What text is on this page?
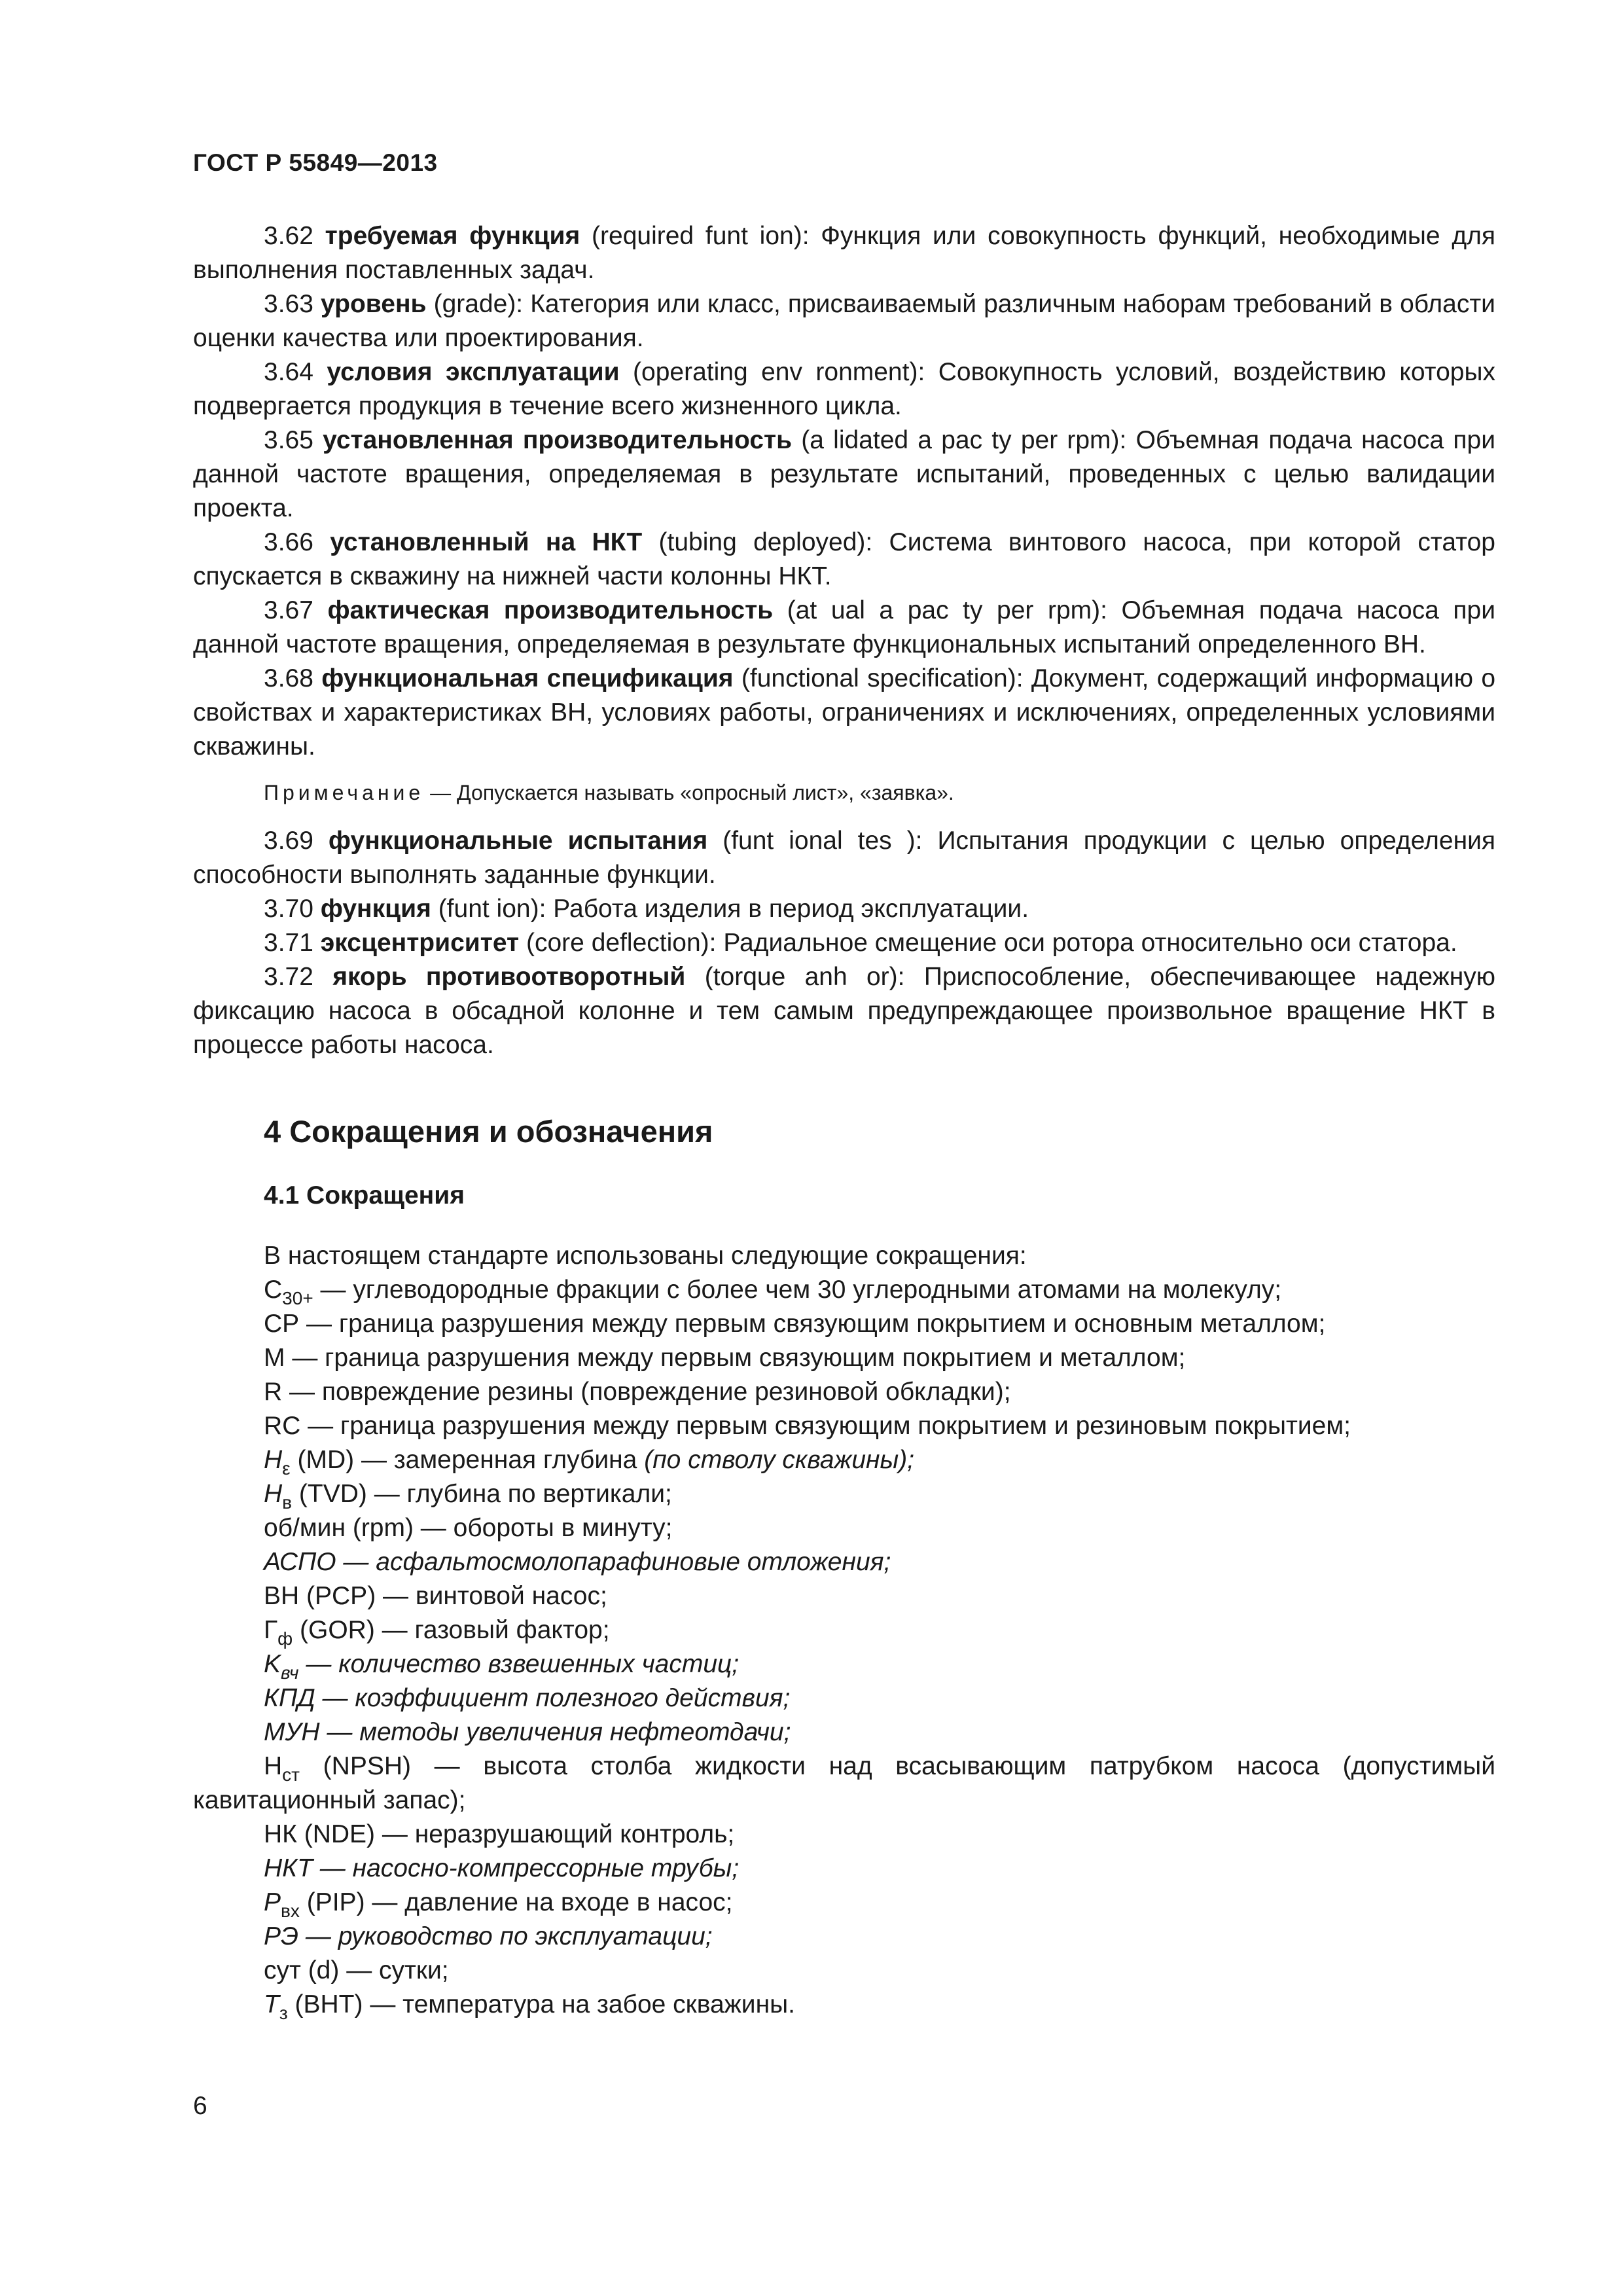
ГОСТ Р 55849—2013

3.62 требуемая функция (required funt ion): Функция или совокупность функций, необходимые для выполнения поставленных задач.

3.63 уровень (grade): Категория или класс, присваиваемый различным наборам требований в области оценки качества или проектирования.

3.64 условия эксплуатации (operating env ronment): Совокупность условий, воздействию которых подвергается продукция в течение всего жизненного цикла.

3.65 установленная производительность (a lidated a pac ty per rpm): Объемная подача насоса при данной частоте вращения, определяемая в результате испытаний, проведенных с целью валидации проекта.

3.66 установленный на НКТ (tubing deployed): Система винтового насоса, при которой статор спускается в скважину на нижней части колонны НКТ.

3.67 фактическая производительность (at ual a pac ty per rpm): Объемная подача насоса при данной частоте вращения, определяемая в результате функциональных испытаний определенного ВН.

3.68 функциональная спецификация (functional specification): Документ, содержащий информацию о свойствах и характеристиках ВН, условиях работы, ограничениях и исключениях, определенных условиями скважины.

Примечание — Допускается называть «опросный лист», «заявка».

3.69 функциональные испытания (funt ional tes ): Испытания продукции с целью определения способности выполнять заданные функции.

3.70 функция (funt ion): Работа изделия в период эксплуатации.

3.71 эксцентриситет (core deflection): Радиальное смещение оси ротора относительно оси статора.

3.72 якорь противоотворотный (torque anh or): Приспособление, обеспечивающее надежную фиксацию насоса в обсадной колонне и тем самым предупреждающее произвольное вращение НКТ в процессе работы насоса.

4 Сокращения и обозначения
4.1 Сокращения

В настоящем стандарте использованы следующие сокращения:

$С_{30+}$ — углеводородные фракции с более чем 30 углеродными атомами на молекулу;

СР — граница разрушения между первым связующим покрытием и основным металлом;

М — граница разрушения между первым связующим покрытием и металлом;

R — повреждение резины (повреждение резиновой обкладки);

RC — граница разрушения между первым связующим покрытием и резиновым покрытием;

$H_\varepsilon$ (MD) — замеренная глубина (по стволу скважины);

$H_в$ (TVD) — глубина по вертикали;

об/мин (rpm) — обороты в минуту;

АСПО — асфальтосмолопарафиновые отложения;

ВН (PCP) — винтовой насос;

$Г_ф$ (GOR) — газовый фактор;

$K_{вч}$ — количество взвешенных частиц;

КПД — коэффициент полезного действия;

МУН — методы увеличения нефтеотдачи;

$Н_{ст}$ (NPSH) — высота столба жидкости над всасывающим патрубком насоса (допустимый кавитационный запас);

НК (NDE) — неразрушающий контроль;

НКТ — насосно-компрессорные трубы;

$P_{вх}$ (PIP) — давление на входе в насос;

РЭ — руководство по эксплуатации;

сут (d) — сутки;

$T_з$ (BHT) — температура на забое скважины.

6
